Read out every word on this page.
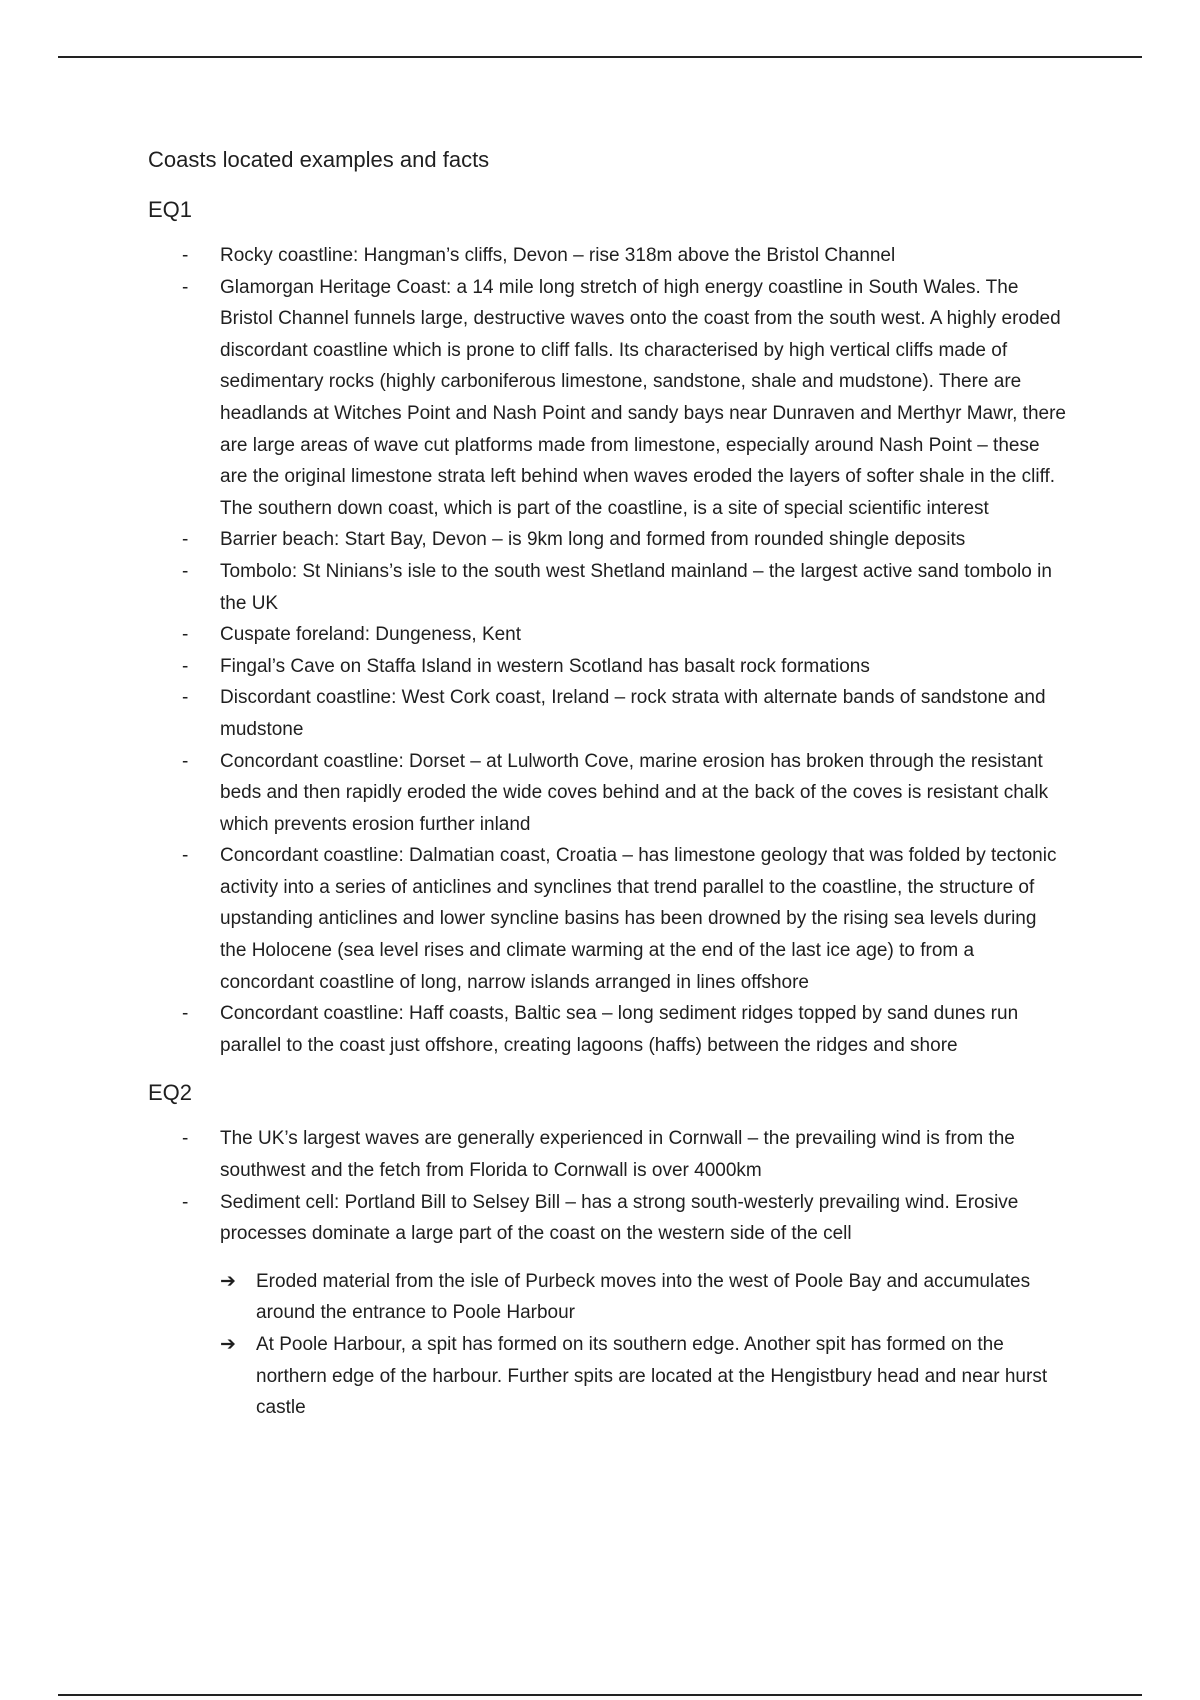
Coasts located examples and facts
EQ1
-	Rocky coastline: Hangman’s cliffs, Devon – rise 318m above the Bristol Channel
-	Glamorgan Heritage Coast: a 14 mile long stretch of high energy coastline in South Wales. The Bristol Channel funnels large, destructive waves onto the coast from the south west. A highly eroded discordant coastline which is prone to cliff falls. Its characterised by high vertical cliffs made of sedimentary rocks (highly carboniferous limestone, sandstone, shale and mudstone). There are headlands at Witches Point and Nash Point and sandy bays near Dunraven and Merthyr Mawr, there are large areas of wave cut platforms made from limestone, especially around Nash Point – these are the original limestone strata left behind when waves eroded the layers of softer shale in the cliff. The southern down coast, which is part of the coastline, is a site of special scientific interest
-	Barrier beach: Start Bay, Devon – is 9km long and formed from rounded shingle deposits
-	Tombolo: St Ninians’s isle to the south west Shetland mainland – the largest active sand tombolo in the UK
-	Cuspate foreland: Dungeness, Kent
-	Fingal’s Cave on Staffa Island in western Scotland has basalt rock formations
-	Discordant coastline: West Cork coast, Ireland – rock strata with alternate bands of sandstone and mudstone
-	Concordant coastline: Dorset – at Lulworth Cove, marine erosion has broken through the resistant beds and then rapidly eroded the wide coves behind and at the back of the coves is resistant chalk which prevents erosion further inland
-	Concordant coastline: Dalmatian coast, Croatia – has limestone geology that was folded by tectonic activity into a series of anticlines and synclines that trend parallel to the coastline, the structure of upstanding anticlines and lower syncline basins has been drowned by the rising sea levels during the Holocene (sea level rises and climate warming at the end of the last ice age) to from a concordant coastline of long, narrow islands arranged in lines offshore
-	Concordant coastline: Haff coasts, Baltic sea – long sediment ridges topped by sand dunes run parallel to the coast just offshore, creating lagoons (haffs) between the ridges and shore
EQ2
-	The UK’s largest waves are generally experienced in Cornwall – the prevailing wind is from the southwest and the fetch from Florida to Cornwall is over 4000km
-	Sediment cell: Portland Bill to Selsey Bill – has a strong south-westerly prevailing wind. Erosive processes dominate a large part of the coast on the western side of the cell
➔	Eroded material from the isle of Purbeck moves into the west of Poole Bay and accumulates around the entrance to Poole Harbour
➔	At Poole Harbour, a spit has formed on its southern edge. Another spit has formed on the northern edge of the harbour. Further spits are located at the Hengistbury head and near hurst castle
